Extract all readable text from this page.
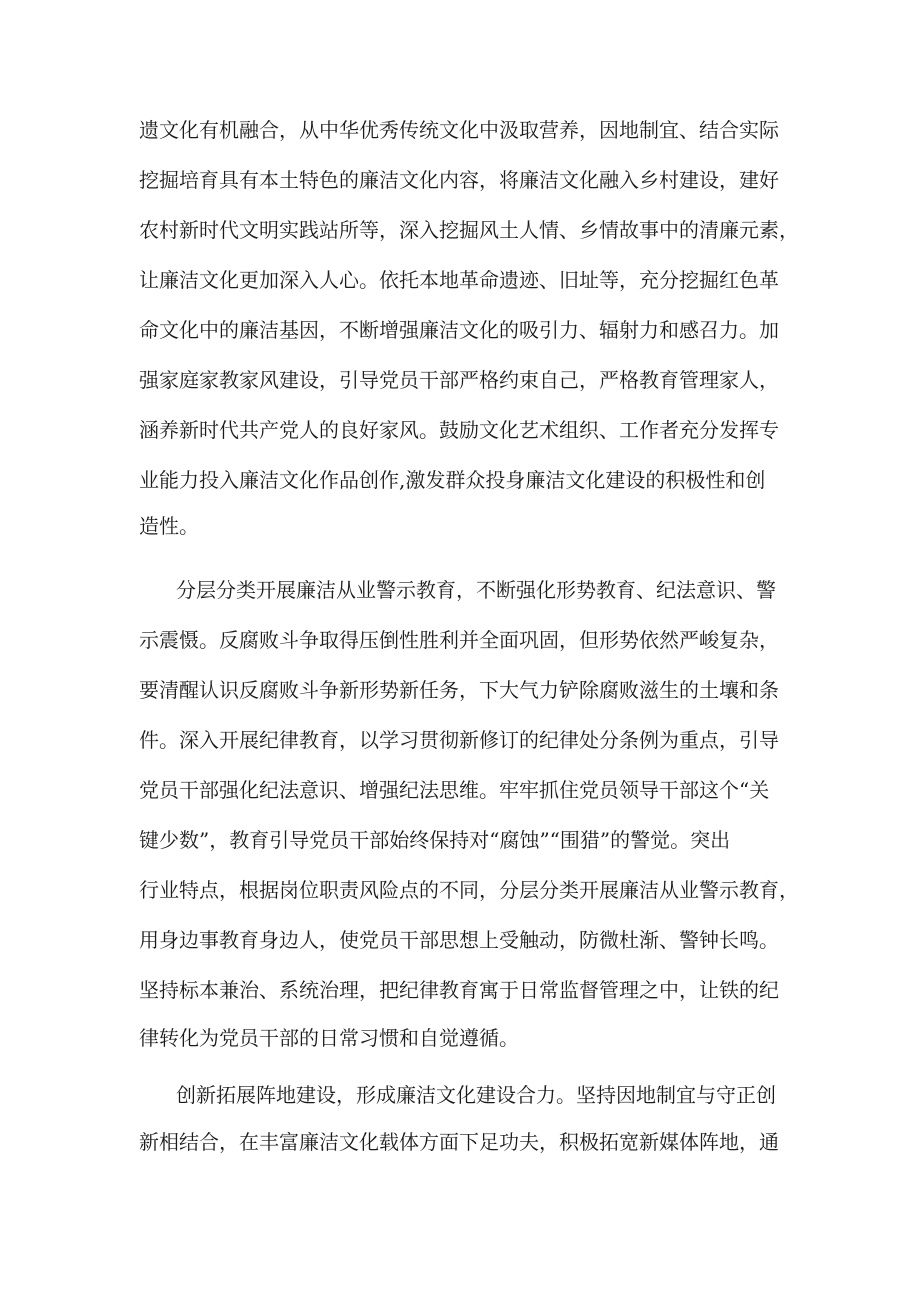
遗文化有机融合，从中华优秀传统文化中汲取营养，因地制宜、结合实际

挖掘培育具有本土特色的廉洁文化内容，将廉洁文化融入乡村建设，建好

农村新时代文明实践站所等，深入挖掘风土人情、乡情故事中的清廉元素，

让廉洁文化更加深入人心。依托本地革命遗迹、旧址等，充分挖掘红色革

命文化中的廉洁基因，不断增强廉洁文化的吸引力、辐射力和感召力。加

强家庭家教家风建设，引导党员干部严格约束自己，严格教育管理家人，

涵养新时代共产党人的良好家风。鼓励文化艺术组织、工作者充分发挥专

业能力投入廉洁文化作品创作,激发群众投身廉洁文化建设的积极性和创

造性。

分层分类开展廉洁从业警示教育，不断强化形势教育、纪法意识、警

示震慑。反腐败斗争取得压倒性胜利并全面巩固，但形势依然严峻复杂，

要清醒认识反腐败斗争新形势新任务，下大气力铲除腐败滋生的土壤和条

件。深入开展纪律教育，以学习贯彻新修订的纪律处分条例为重点，引导

党员干部强化纪法意识、增强纪法思维。牢牢抓住党员领导干部这个“关

键少数”，教育引导党员干部始终保持对“腐蚀”“围猎”的警觉。突出

行业特点，根据岗位职责风险点的不同，分层分类开展廉洁从业警示教育，

用身边事教育身边人，使党员干部思想上受触动，防微杜渐、警钟长鸣。

坚持标本兼治、系统治理，把纪律教育寓于日常监督管理之中，让铁的纪

律转化为党员干部的日常习惯和自觉遵循。

创新拓展阵地建设，形成廉洁文化建设合力。坚持因地制宜与守正创

新相结合，在丰富廉洁文化载体方面下足功夫，积极拓宽新媒体阵地，通
